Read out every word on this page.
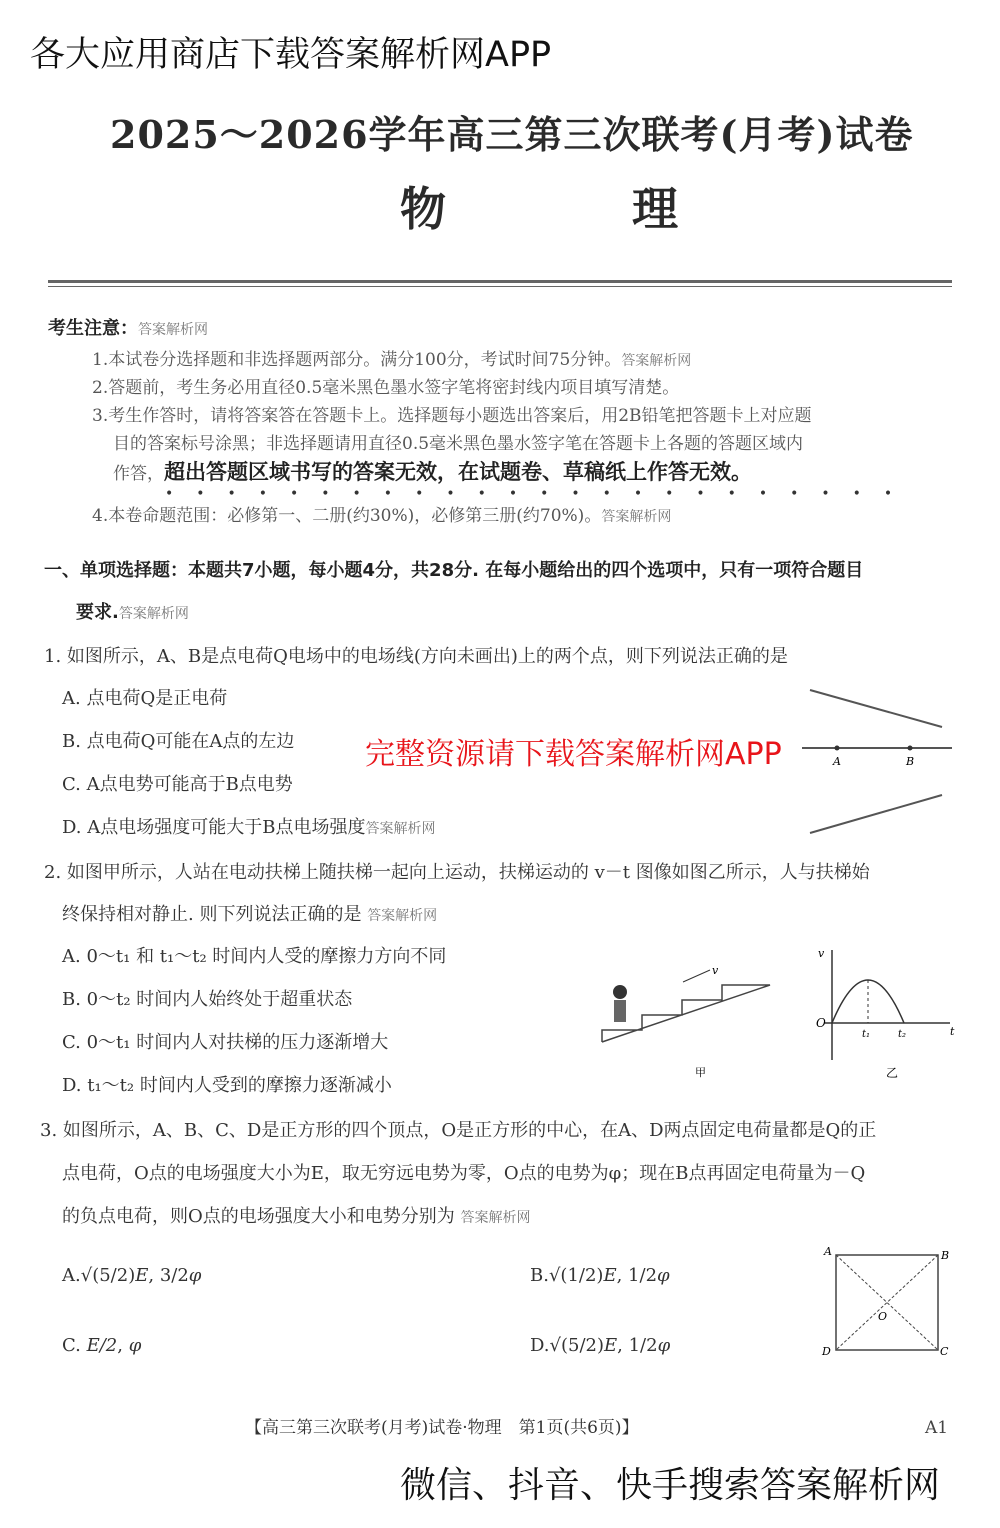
各大应用商店下载答案解析网APP
2025～2026学年高三第三次联考(月考)试卷
物　理
考生注意：答案解析网
1.本试卷分选择题和非选择题两部分。满分100分，考试时间75分钟。答案解析网
2.答题前，考生务必用直径0.5毫米黑色墨水签字笔将密封线内项目填写清楚。
3.考生作答时，请将答案答在答题卡上。选择题每小题选出答案后，用2B铅笔把答题卡上对应题
目的答案标号涂黑；非选择题请用直径0.5毫米黑色墨水签字笔在答题卡上各题的答题区域内
作答，超出答题区域书写的答案无效，在试题卷、草稿纸上作答无效。
••••••••••••••••••••••••
4.本卷命题范围：必修第一、二册(约30%)，必修第三册(约70%)。答案解析网
一、单项选择题：本题共7小题，每小题4分，共28分. 在每小题给出的四个选项中，只有一项符合题目
要求.答案解析网
1. 如图所示，A、B是点电荷Q电场中的电场线(方向未画出)上的两个点，则下列说法正确的是
A. 点电荷Q是正电荷
B. 点电荷Q可能在A点的左边
C. A点电势可能高于B点电势
D. A点电场强度可能大于B点电场强度答案解析网
完整资源请下载答案解析网APP	A	B
2. 如图甲所示，人站在电动扶梯上随扶梯一起向上运动，扶梯运动的 v－t 图像如图乙所示，人与扶梯始
终保持相对静止. 则下列说法正确的是 答案解析网
A. 0～t₁ 和 t₁～t₂ 时间内人受的摩擦力方向不同
B. 0～t₂ 时间内人始终处于超重状态
C. 0～t₁ 时间内人对扶梯的压力逐渐增大
D. t₁～t₂ 时间内人受到的摩擦力逐渐减小
v
甲
v
t
O
t₁	t₂
乙
3. 如图所示，A、B、C、D是正方形的四个顶点，O是正方形的中心，在A、D两点固定电荷量都是Q的正
点电荷，O点的电场强度大小为E，取无穷远电势为零，O点的电势为φ；现在B点再固定电荷量为－Q
的负点电荷，则O点的电场强度大小和电势分别为 答案解析网
A.√(5/2)E, 3/2φ	B.√(1/2)E, 1/2φ
C. E/2, φ	D.√(5/2)E, 1/2φ
A	B
C
D
O
【高三第三次联考(月考)试卷·物理　第1页(共6页)】	A1
微信、抖音、快手搜索答案解析网
